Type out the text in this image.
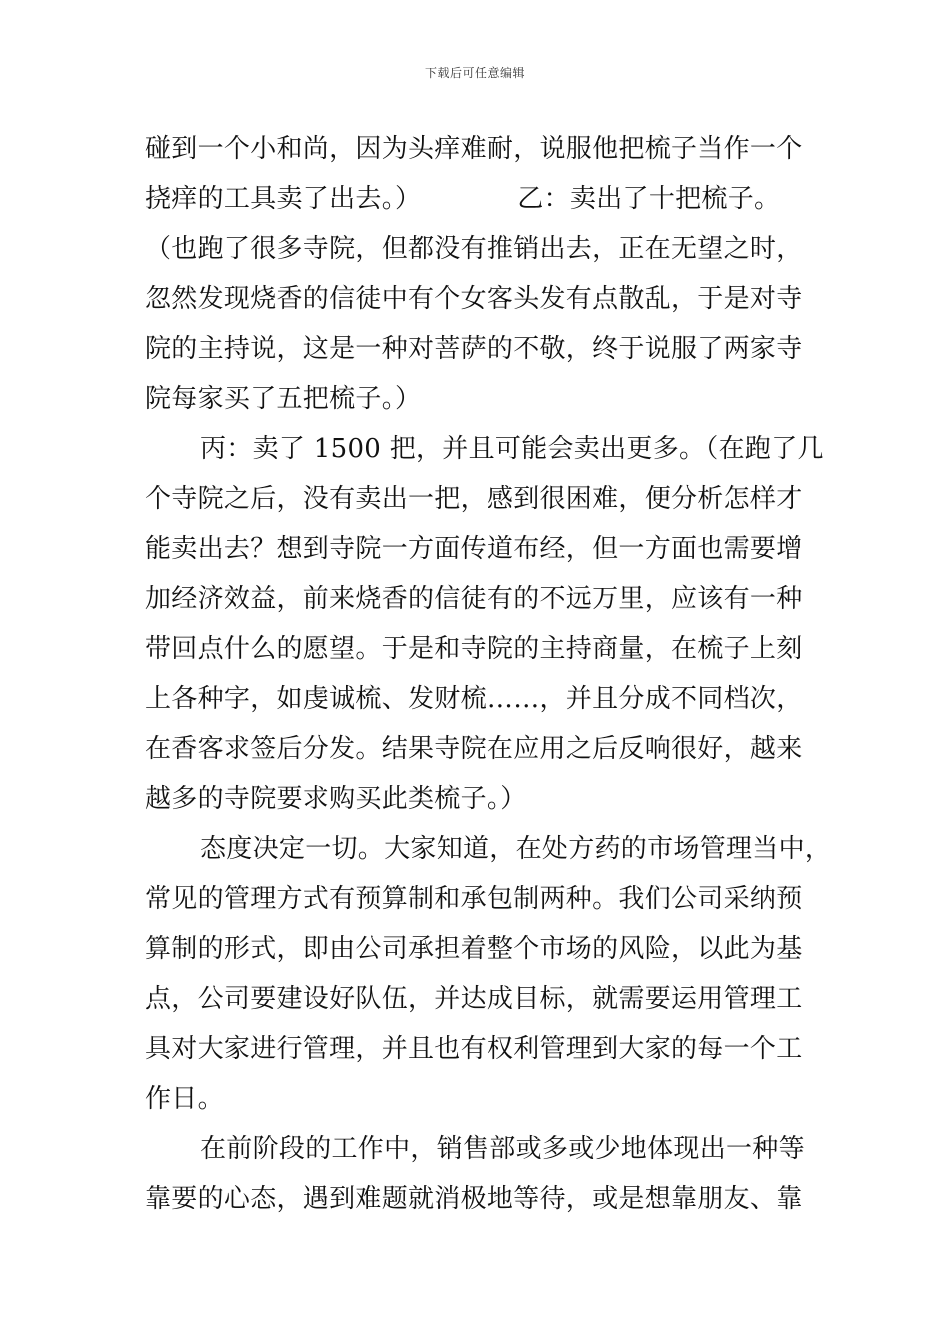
下载后可任意编辑
碰到一个小和尚，因为头痒难耐，说服他把梳子当作一个
挠痒的工具卖了出去。）	乙：卖出了十把梳子。
（也跑了很多寺院，但都没有推销出去，正在无望之时，
忽然发现烧香的信徒中有个女客头发有点散乱，于是对寺
院的主持说，这是一种对菩萨的不敬，终于说服了两家寺
院每家买了五把梳子。）
丙：卖了 1500 把，并且可能会卖出更多。（在跑了几
个寺院之后，没有卖出一把，感到很困难，便分析怎样才
能卖出去？想到寺院一方面传道布经，但一方面也需要增
加经济效益，前来烧香的信徒有的不远万里，应该有一种
带回点什么的愿望。于是和寺院的主持商量，在梳子上刻
上各种字，如虔诚梳、发财梳……，并且分成不同档次，
在香客求签后分发。结果寺院在应用之后反响很好，越来
越多的寺院要求购买此类梳子。）
态度决定一切。大家知道，在处方药的市场管理当中，
常见的管理方式有预算制和承包制两种。我们公司采纳预
算制的形式，即由公司承担着整个市场的风险，以此为基
点，公司要建设好队伍，并达成目标，就需要运用管理工
具对大家进行管理，并且也有权利管理到大家的每一个工
作日。
在前阶段的工作中，销售部或多或少地体现出一种等
靠要的心态，遇到难题就消极地等待，或是想靠朋友、靠
